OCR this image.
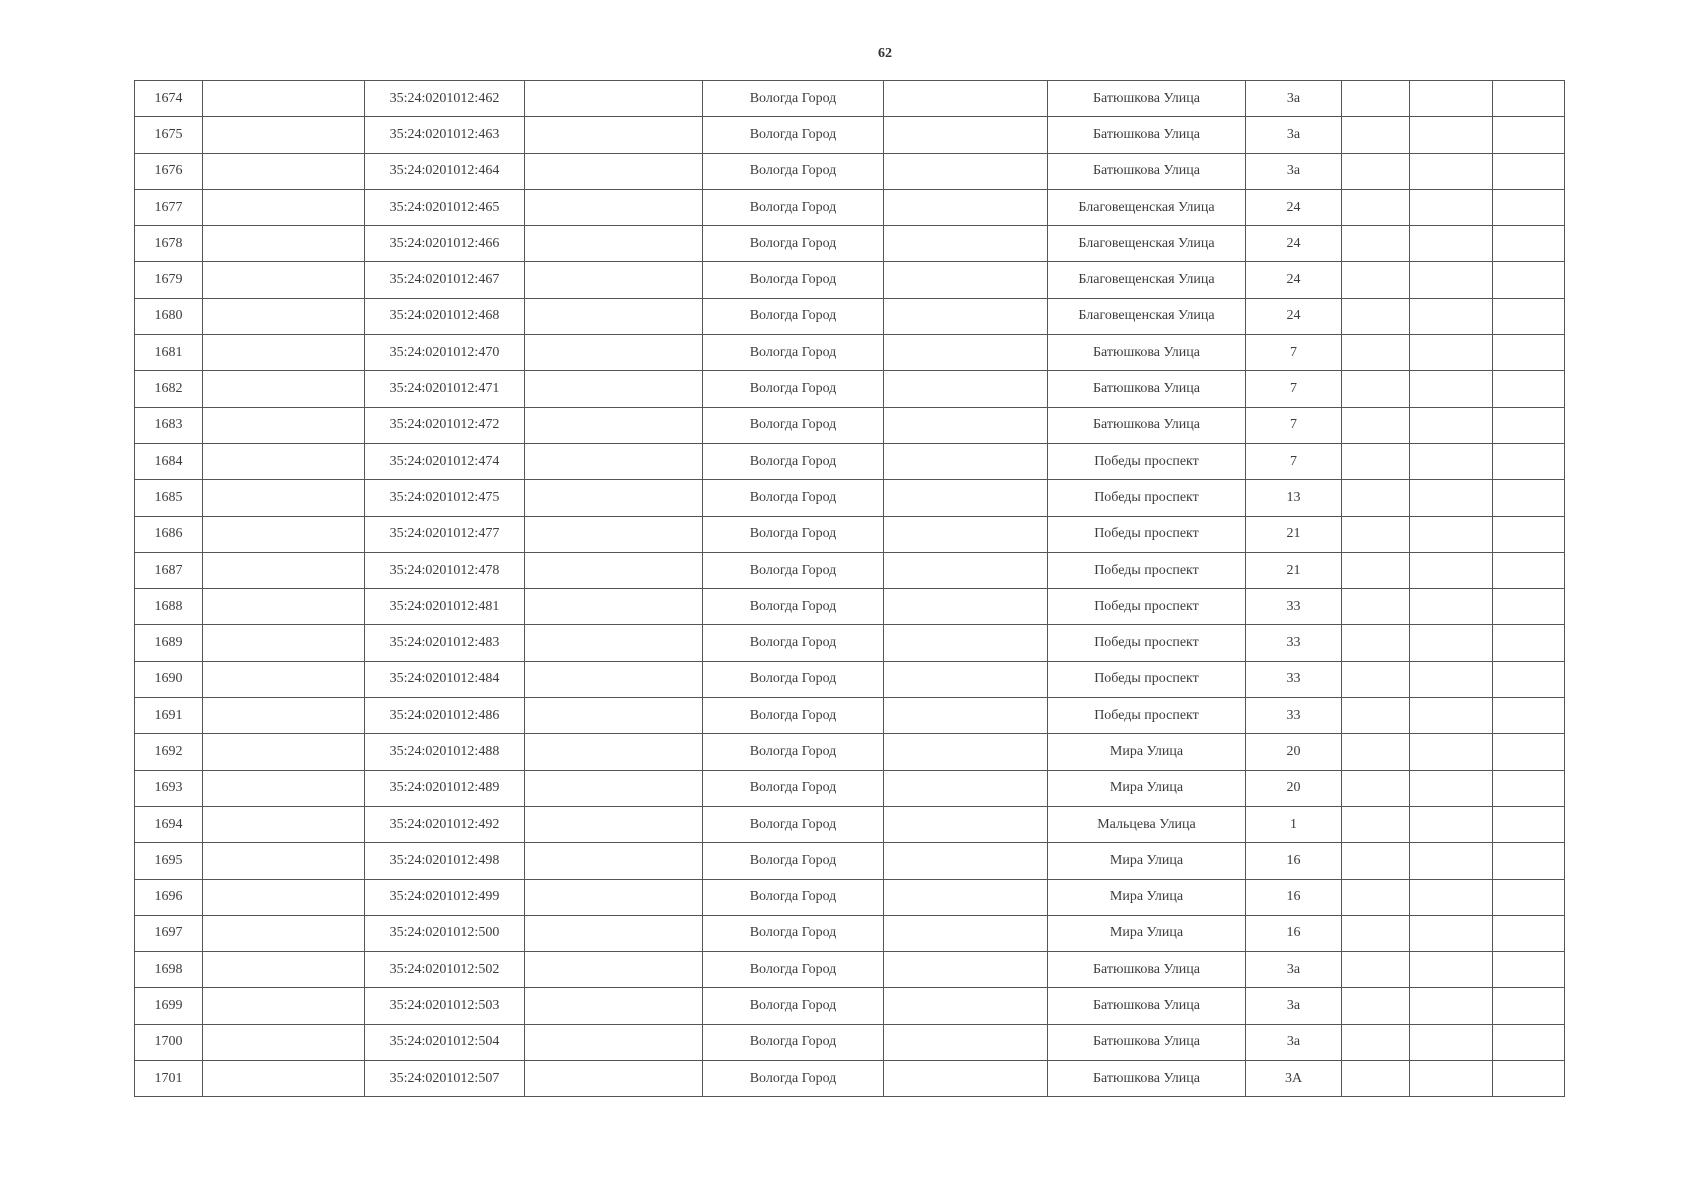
62
1674		35:24:0201012:462		Вологда Город		Батюшкова Улица	3а			
1675		35:24:0201012:463		Вологда Город		Батюшкова Улица	3а			
1676		35:24:0201012:464		Вологда Город		Батюшкова Улица	3а			
1677		35:24:0201012:465		Вологда Город		Благовещенская Улица	24			
1678		35:24:0201012:466		Вологда Город		Благовещенская Улица	24			
1679		35:24:0201012:467		Вологда Город		Благовещенская Улица	24			
1680		35:24:0201012:468		Вологда Город		Благовещенская Улица	24			
1681		35:24:0201012:470		Вологда Город		Батюшкова Улица	7			
1682		35:24:0201012:471		Вологда Город		Батюшкова Улица	7			
1683		35:24:0201012:472		Вологда Город		Батюшкова Улица	7			
1684		35:24:0201012:474		Вологда Город		Победы проспект	7			
1685		35:24:0201012:475		Вологда Город		Победы проспект	13			
1686		35:24:0201012:477		Вологда Город		Победы проспект	21			
1687		35:24:0201012:478		Вологда Город		Победы проспект	21			
1688		35:24:0201012:481		Вологда Город		Победы проспект	33			
1689		35:24:0201012:483		Вологда Город		Победы проспект	33			
1690		35:24:0201012:484		Вологда Город		Победы проспект	33			
1691		35:24:0201012:486		Вологда Город		Победы проспект	33			
1692		35:24:0201012:488		Вологда Город		Мира Улица	20			
1693		35:24:0201012:489		Вологда Город		Мира Улица	20			
1694		35:24:0201012:492		Вологда Город		Мальцева Улица	1			
1695		35:24:0201012:498		Вологда Город		Мира Улица	16			
1696		35:24:0201012:499		Вологда Город		Мира Улица	16			
1697		35:24:0201012:500		Вологда Город		Мира Улица	16			
1698		35:24:0201012:502		Вологда Город		Батюшкова Улица	3а			
1699		35:24:0201012:503		Вологда Город		Батюшкова Улица	3а			
1700		35:24:0201012:504		Вологда Город		Батюшкова Улица	3а			
1701		35:24:0201012:507		Вологда Город		Батюшкова Улица	3А			
